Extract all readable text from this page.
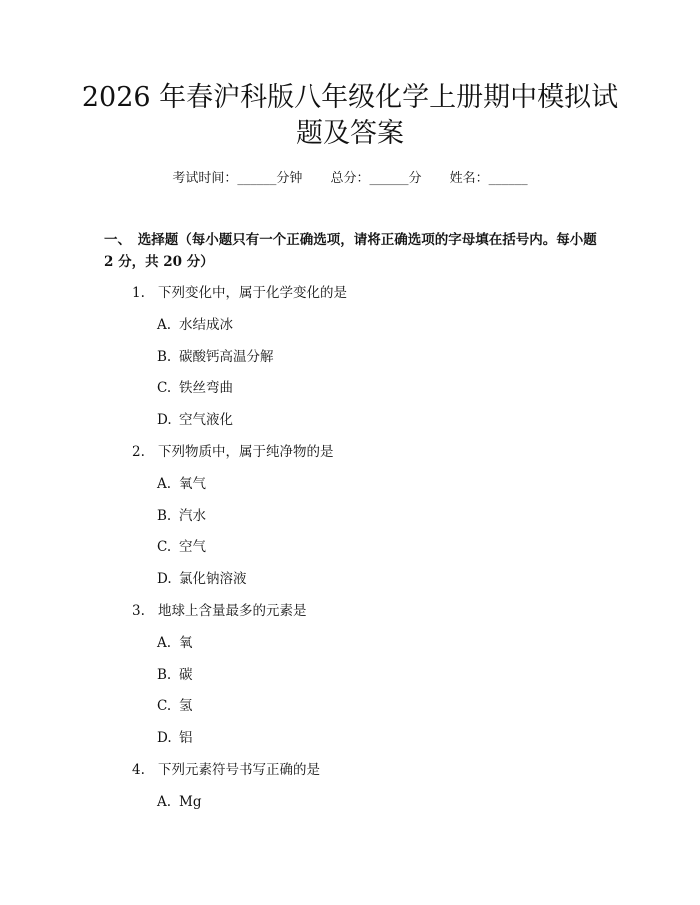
2026 年春沪科版八年级化学上册期中模拟试
题及答案
考试时间：______分钟 总分：______分 姓名：______
一、　选择题（每小题只有一个正确选项，请将正确选项的字母填在括号内。每小题 2 分，共 20 分）
1. 下列变化中，属于化学变化的是
A. 水结成冰
B. 碳酸钙高温分解
C. 铁丝弯曲
D. 空气液化
2. 下列物质中，属于纯净物的是
A. 氧气
B. 汽水
C. 空气
D. 氯化钠溶液
3. 地球上含量最多的元素是
A. 氧
B. 碳
C. 氢
D. 铝
4. 下列元素符号书写正确的是
A. Mg
